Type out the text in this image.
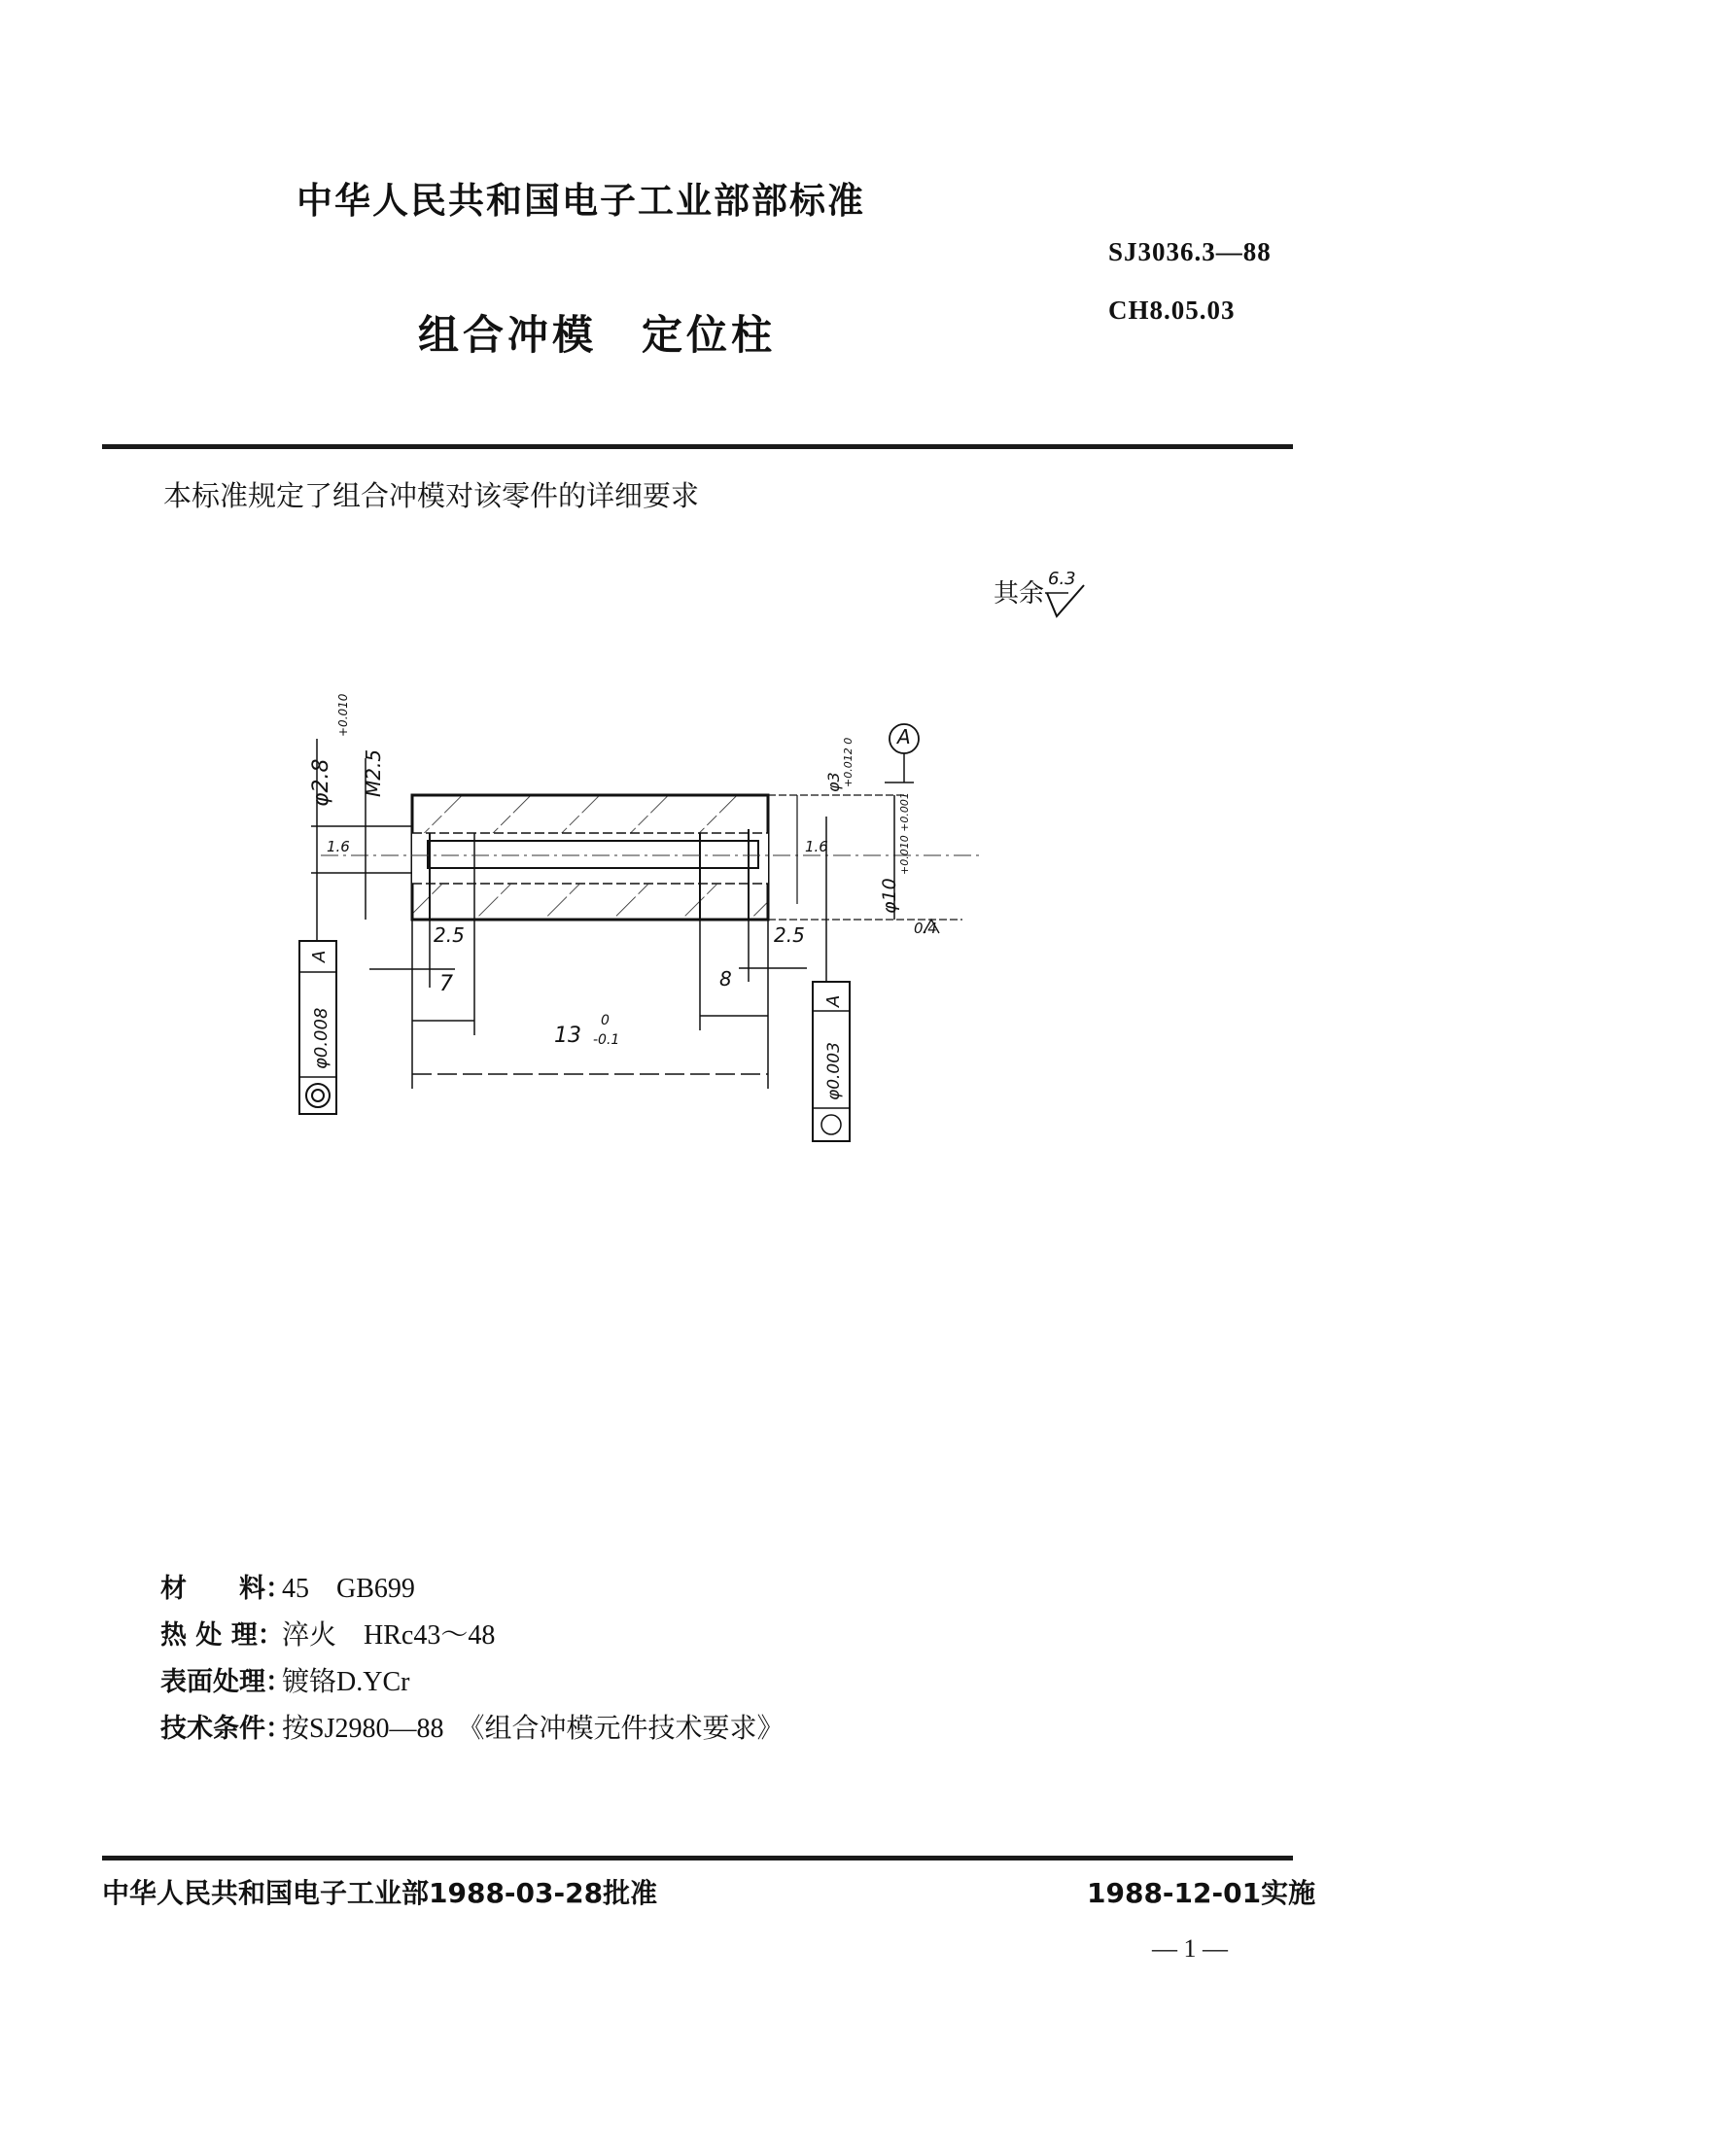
中华人民共和国电子工业部部标准
SJ3036.3—88
CH8.05.03
组合冲模　定位柱
本标准规定了组合冲模对该零件的详细要求
其余
6.3
φ2.8
+0.010
M2.5
1.6
2.5
7
13
0
-0.1
8
2.5
1.6
0.4
φ3 +0.012 0
φ10
+0.010 +0.001
A
A
φ0.008
A
φ0.003
材　　料：45　GB699
热 处 理：淬火　HRc43～48
表面处理：镀铬D.YCr
技术条件：按SJ2980—88　《组合冲模元件技术要求》
中华人民共和国电子工业部1988-03-28批准	1988-12-01实施
— 1 —
